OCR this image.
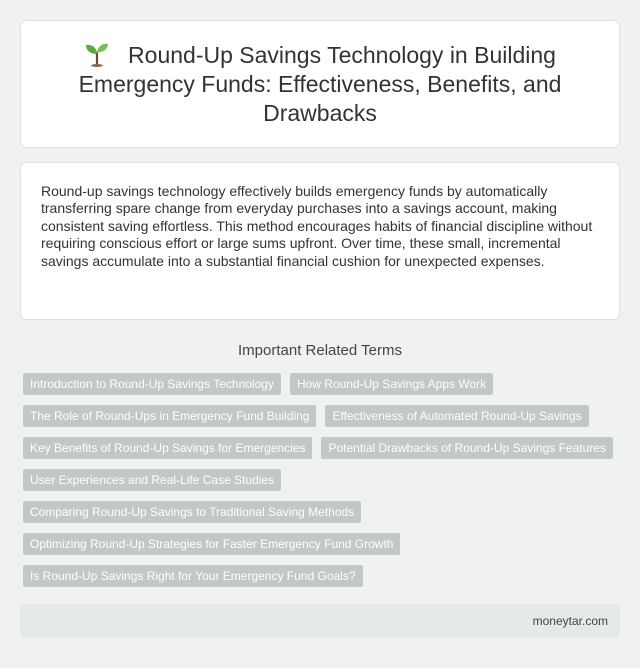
Round-Up Savings Technology in Building Emergency Funds: Effectiveness, Benefits, and Drawbacks

Round-up savings technology effectively builds emergency funds by automatically transferring spare change from everyday purchases into a savings account, making consistent saving effortless. This method encourages habits of financial discipline without requiring conscious effort or large sums upfront. Over time, these small, incremental savings accumulate into a substantial financial cushion for unexpected expenses.

Important Related Terms
Introduction to Round-Up Savings Technology	How Round-Up Savings Apps Work
The Role of Round-Ups in Emergency Fund Building	Effectiveness of Automated Round-Up Savings
Key Benefits of Round-Up Savings for Emergencies	Potential Drawbacks of Round-Up Savings Features
User Experiences and Real-Life Case Studies
Comparing Round-Up Savings to Traditional Saving Methods
Optimizing Round-Up Strategies for Faster Emergency Fund Growth
Is Round-Up Savings Right for Your Emergency Fund Goals?
moneytar.com
